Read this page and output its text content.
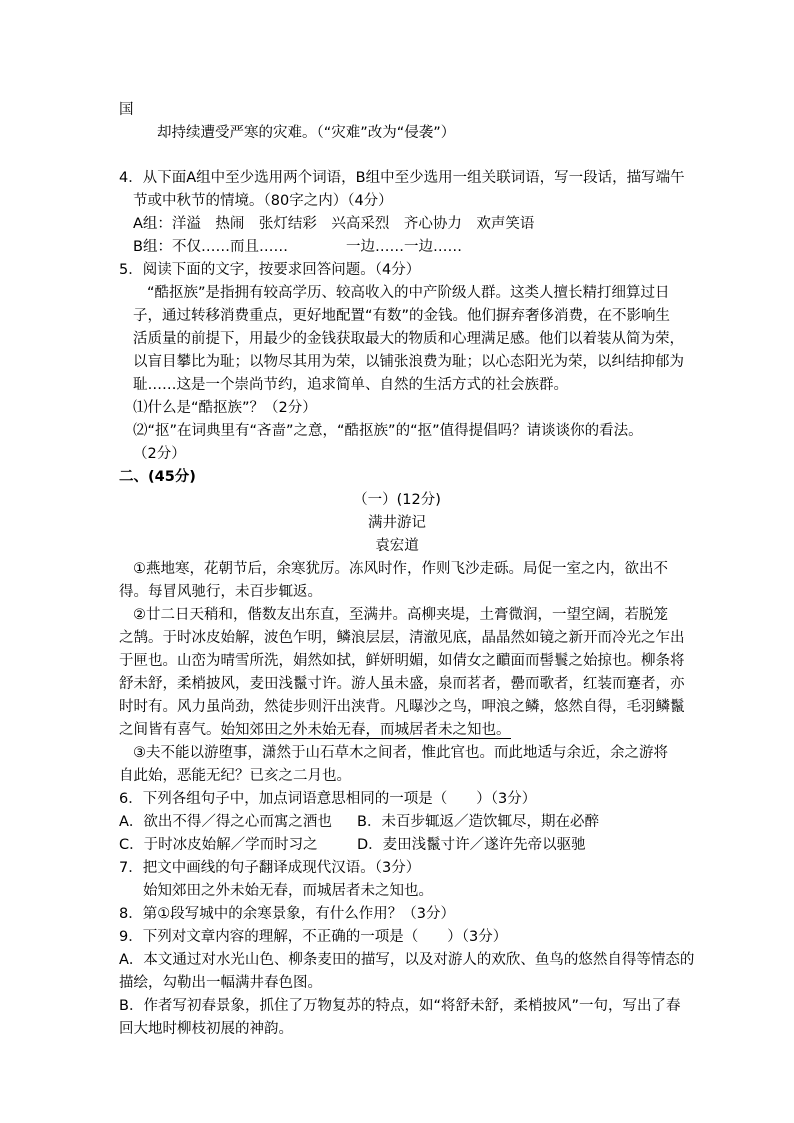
国
却持续遭受严寒的灾难。（“灾难”改为“侵袭”）
4．从下面A组中至少选用两个词语，B组中至少选用一组关联词语，写一段话，描写端午
节或中秋节的情境。（80字之内）（4分）
A组：洋溢　热闹　张灯结彩　兴高采烈　齐心协力　欢声笑语
B组：不仅……而且……　　　　一边……一边……
5．阅读下面的文字，按要求回答问题。（4分）
“酷抠族”是指拥有较高学历、较高收入的中产阶级人群。这类人擅长精打细算过日
子，通过转移消费重点，更好地配置“有数”的金钱。他们摒弃奢侈消费，在不影响生
活质量的前提下，用最少的金钱获取最大的物质和心理满足感。他们以着装从简为荣，
以盲目攀比为耻；以物尽其用为荣，以铺张浪费为耻；以心态阳光为荣，以纠结抑郁为
耻……这是一个崇尚节约，追求简单、自然的生活方式的社会族群。
⑴什么是“酷抠族”？（2分）
⑵“抠”在词典里有“吝啬”之意，“酷抠族”的“抠”值得提倡吗？请谈谈你的看法。
（2分）
二、(45分)
（一）(12分)
满井游记
袁宏道
①燕地寒，花朝节后，余寒犹厉。冻风时作，作则飞沙走砾。局促一室之内，欲出不
得。每冒风驰行，未百步辄返。
②廿二日天稍和，偕数友出东直，至满井。高柳夹堤，土膏微润，一望空阔，若脱笼
之鹄。于时冰皮始解，波色乍明，鳞浪层层，清澈见底，晶晶然如镜之新开而冷光之乍出
于匣也。山峦为晴雪所洗，娟然如拭，鲜妍明媚，如倩女之靧面而髻鬟之始掠也。柳条将
舒未舒，柔梢披风，麦田浅鬣寸许。游人虽未盛，泉而茗者，罍而歌者，红装而蹇者，亦
时时有。风力虽尚劲，然徒步则汗出浃背。凡曝沙之鸟，呷浪之鳞，悠然自得，毛羽鳞鬣
之间皆有喜气。始知郊田之外未始无春，而城居者未之知也。
③夫不能以游堕事，潇然于山石草木之间者，惟此官也。而此地适与余近，余之游将
自此始，恶能无纪？已亥之二月也。
6．下列各组句子中，加点词语意思相同的一项是（　　）（3分）
A．欲出不得／得之心而寓之酒也 B．未百步辄返／造饮辄尽，期在必醉
C．于时冰皮始解／学而时习之	D．麦田浅鬣寸许／遂许先帝以驱驰
7．把文中画线的句子翻译成现代汉语。（3分）
始知郊田之外未始无春，而城居者未之知也。
8．第①段写城中的余寒景象，有什么作用？（3分）
9．下列对文章内容的理解，不正确的一项是（　　）（3分）
A．本文通过对水光山色、柳条麦田的描写，以及对游人的欢欣、鱼鸟的悠然自得等情态的
描绘，勾勒出一幅满井春色图。
B．作者写初春景象，抓住了万物复苏的特点，如“将舒未舒，柔梢披风”一句，写出了春
回大地时柳枝初展的神韵。
